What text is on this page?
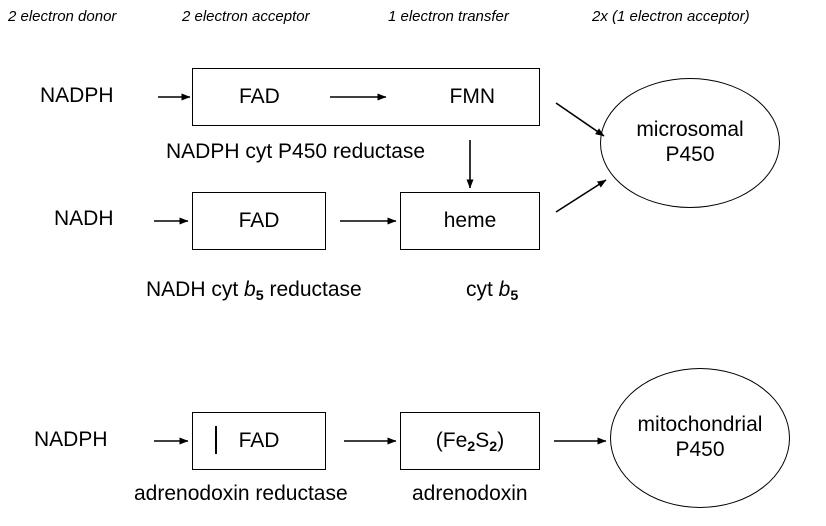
2 electron donor	2 electron acceptor	1 electron transfer	2x (1 electron acceptor)
NADPH	FAD	FMN
NADPH cyt P450 reductase
microsomal
P450
NADH	FAD	heme
NADH cyt $b_5$ reductase	cyt $b_5$
NADPH	FAD	$(Fe_2S_2)$
adrenodoxin reductase	adrenodoxin
mitochondrial
P450
